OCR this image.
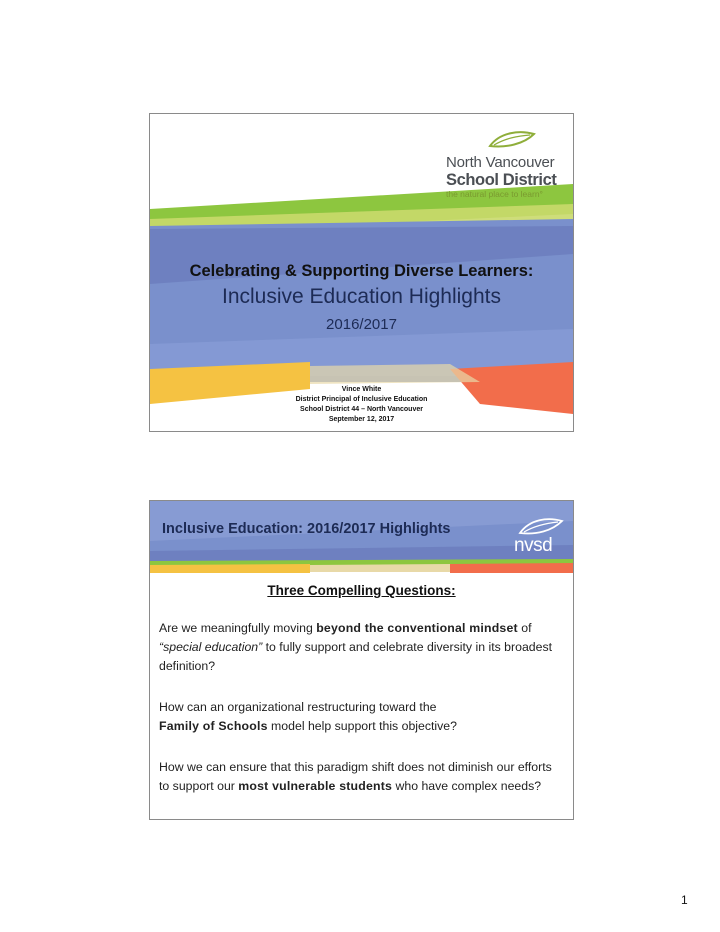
North Vancouver
School District
the natural place to learn°
Celebrating & Supporting Diverse Learners:
Inclusive Education Highlights
2016/2017
Vince White
District Principal of Inclusive Education
School District 44 – North Vancouver
September 12, 2017
Inclusive Education: 2016/2017 Highlights
nvsd
Three Compelling Questions:
Are we meaningfully moving beyond the conventional mindset of “special education” to fully support and celebrate diversity in its broadest definition?
How can an organizational restructuring toward the
Family of Schools model help support this objective?
How we can ensure that this paradigm shift does not diminish our efforts to support our most vulnerable students who have complex needs?
1
